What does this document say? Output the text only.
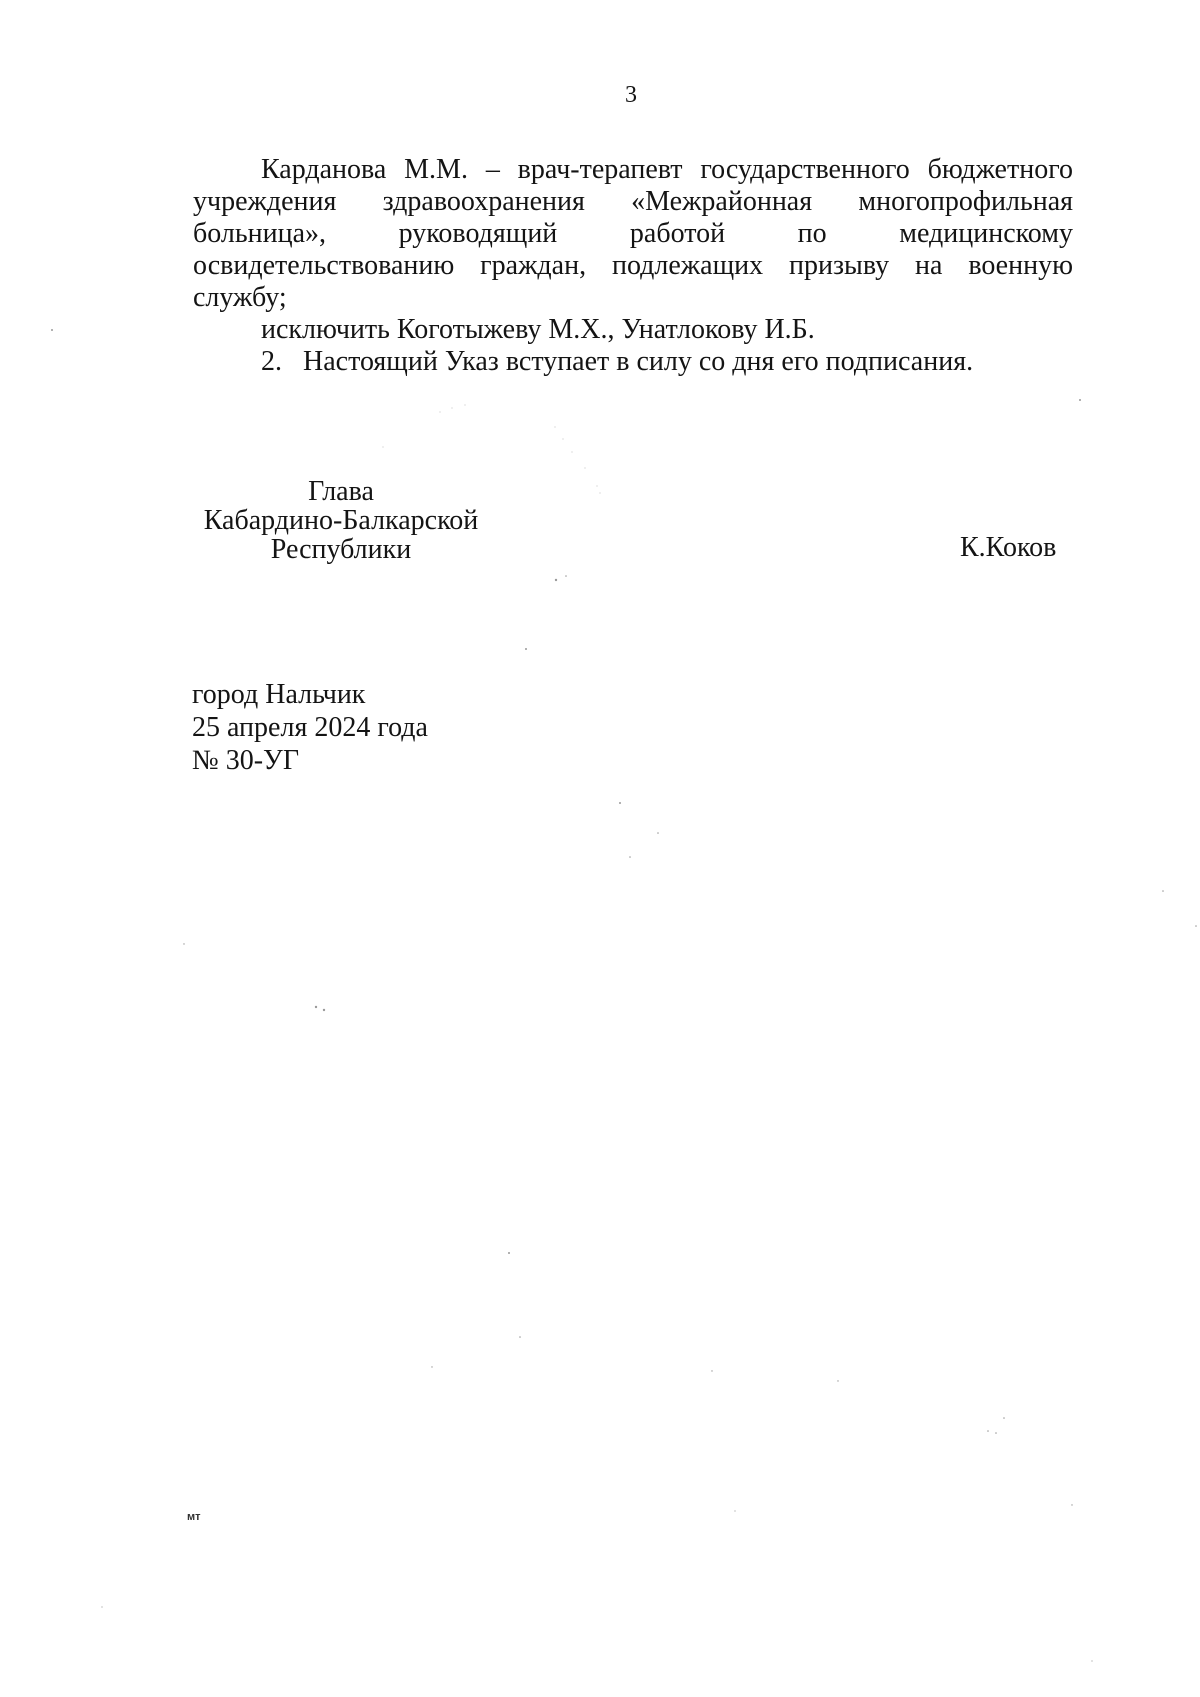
3

Карданова М.М. – врач-терапевт государственного бюджетного учреждения здравоохранения «Межрайонная многопрофильная больница», руководящий работой по медицинскому освидетельствованию граждан, подлежащих призыву на военную службу;

исключить Коготыжеву М.Х., Унатлокову И.Б.

2. Настоящий Указ вступает в силу со дня его подписания.

Глава
Кабардино-Балкарской
Республики	К.Коков
город Нальчик
25 апреля 2024 года
№ 30-УГ
мт
